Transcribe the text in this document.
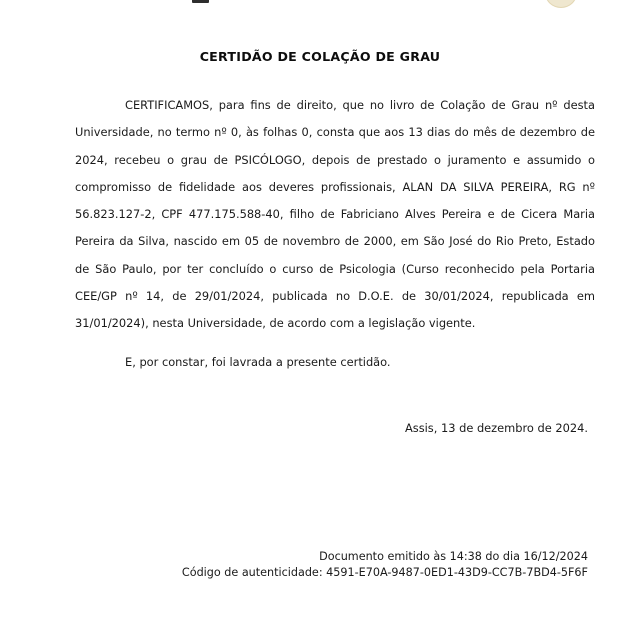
CERTIDÃO DE COLAÇÃO DE GRAU

CERTIFICAMOS, para fins de direito, que no livro de Colação de Grau nº desta Universidade, no termo nº 0, às folhas 0, consta que aos 13 dias do mês de dezembro de 2024, recebeu o grau de PSICÓLOGO, depois de prestado o juramento e assumido o compromisso de fidelidade aos deveres profissionais, ALAN DA SILVA PEREIRA, RG nº 56.823.127-2, CPF 477.175.588-40, filho de Fabriciano Alves Pereira e de Cicera Maria Pereira da Silva, nascido em 05 de novembro de 2000, em São José do Rio Preto, Estado de São Paulo, por ter concluído o curso de Psicologia (Curso reconhecido pela Portaria CEE/GP nº 14, de 29/01/2024, publicada no D.O.E. de 30/01/2024, republicada em 31/01/2024), nesta Universidade, de acordo com a legislação vigente.

E, por constar, foi lavrada a presente certidão.

Assis, 13 de dezembro de 2024.
Documento emitido às 14:38 do dia 16/12/2024
Código de autenticidade: 4591-E70A-9487-0ED1-43D9-CC7B-7BD4-5F6F
